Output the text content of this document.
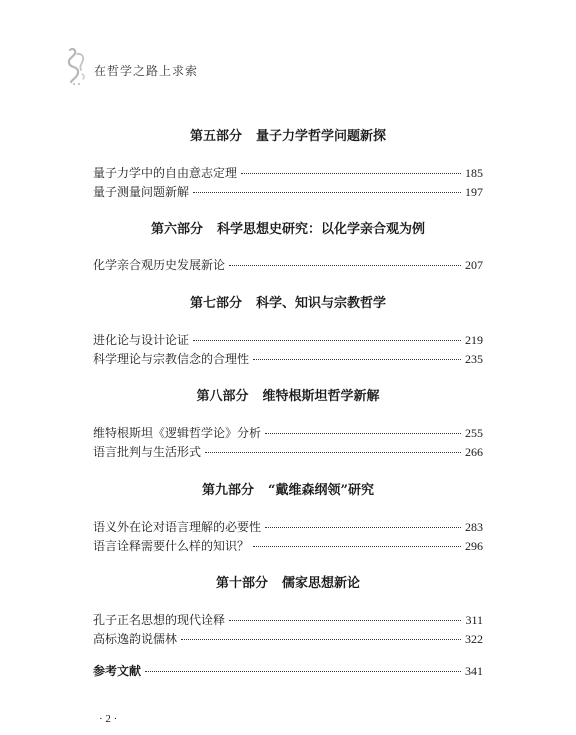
在哲学之路上求索
第五部分 量子力学哲学问题新探
量子力学中的自由意志定理	185
量子测量问题新解	197
第六部分 科学思想史研究：以化学亲合观为例
化学亲合观历史发展新论	207
第七部分 科学、知识与宗教哲学
进化论与设计论证	219
科学理论与宗教信念的合理性	235
第八部分 维特根斯坦哲学新解
维特根斯坦《逻辑哲学论》分析	255
语言批判与生活形式	266
第九部分 “戴维森纲领”研究
语义外在论对语言理解的必要性	283
语言诠释需要什么样的知识？	296
第十部分 儒家思想新论
孔子正名思想的现代诠释	311
高标逸韵说儒林	322
参考文献	341
· 2 ·
